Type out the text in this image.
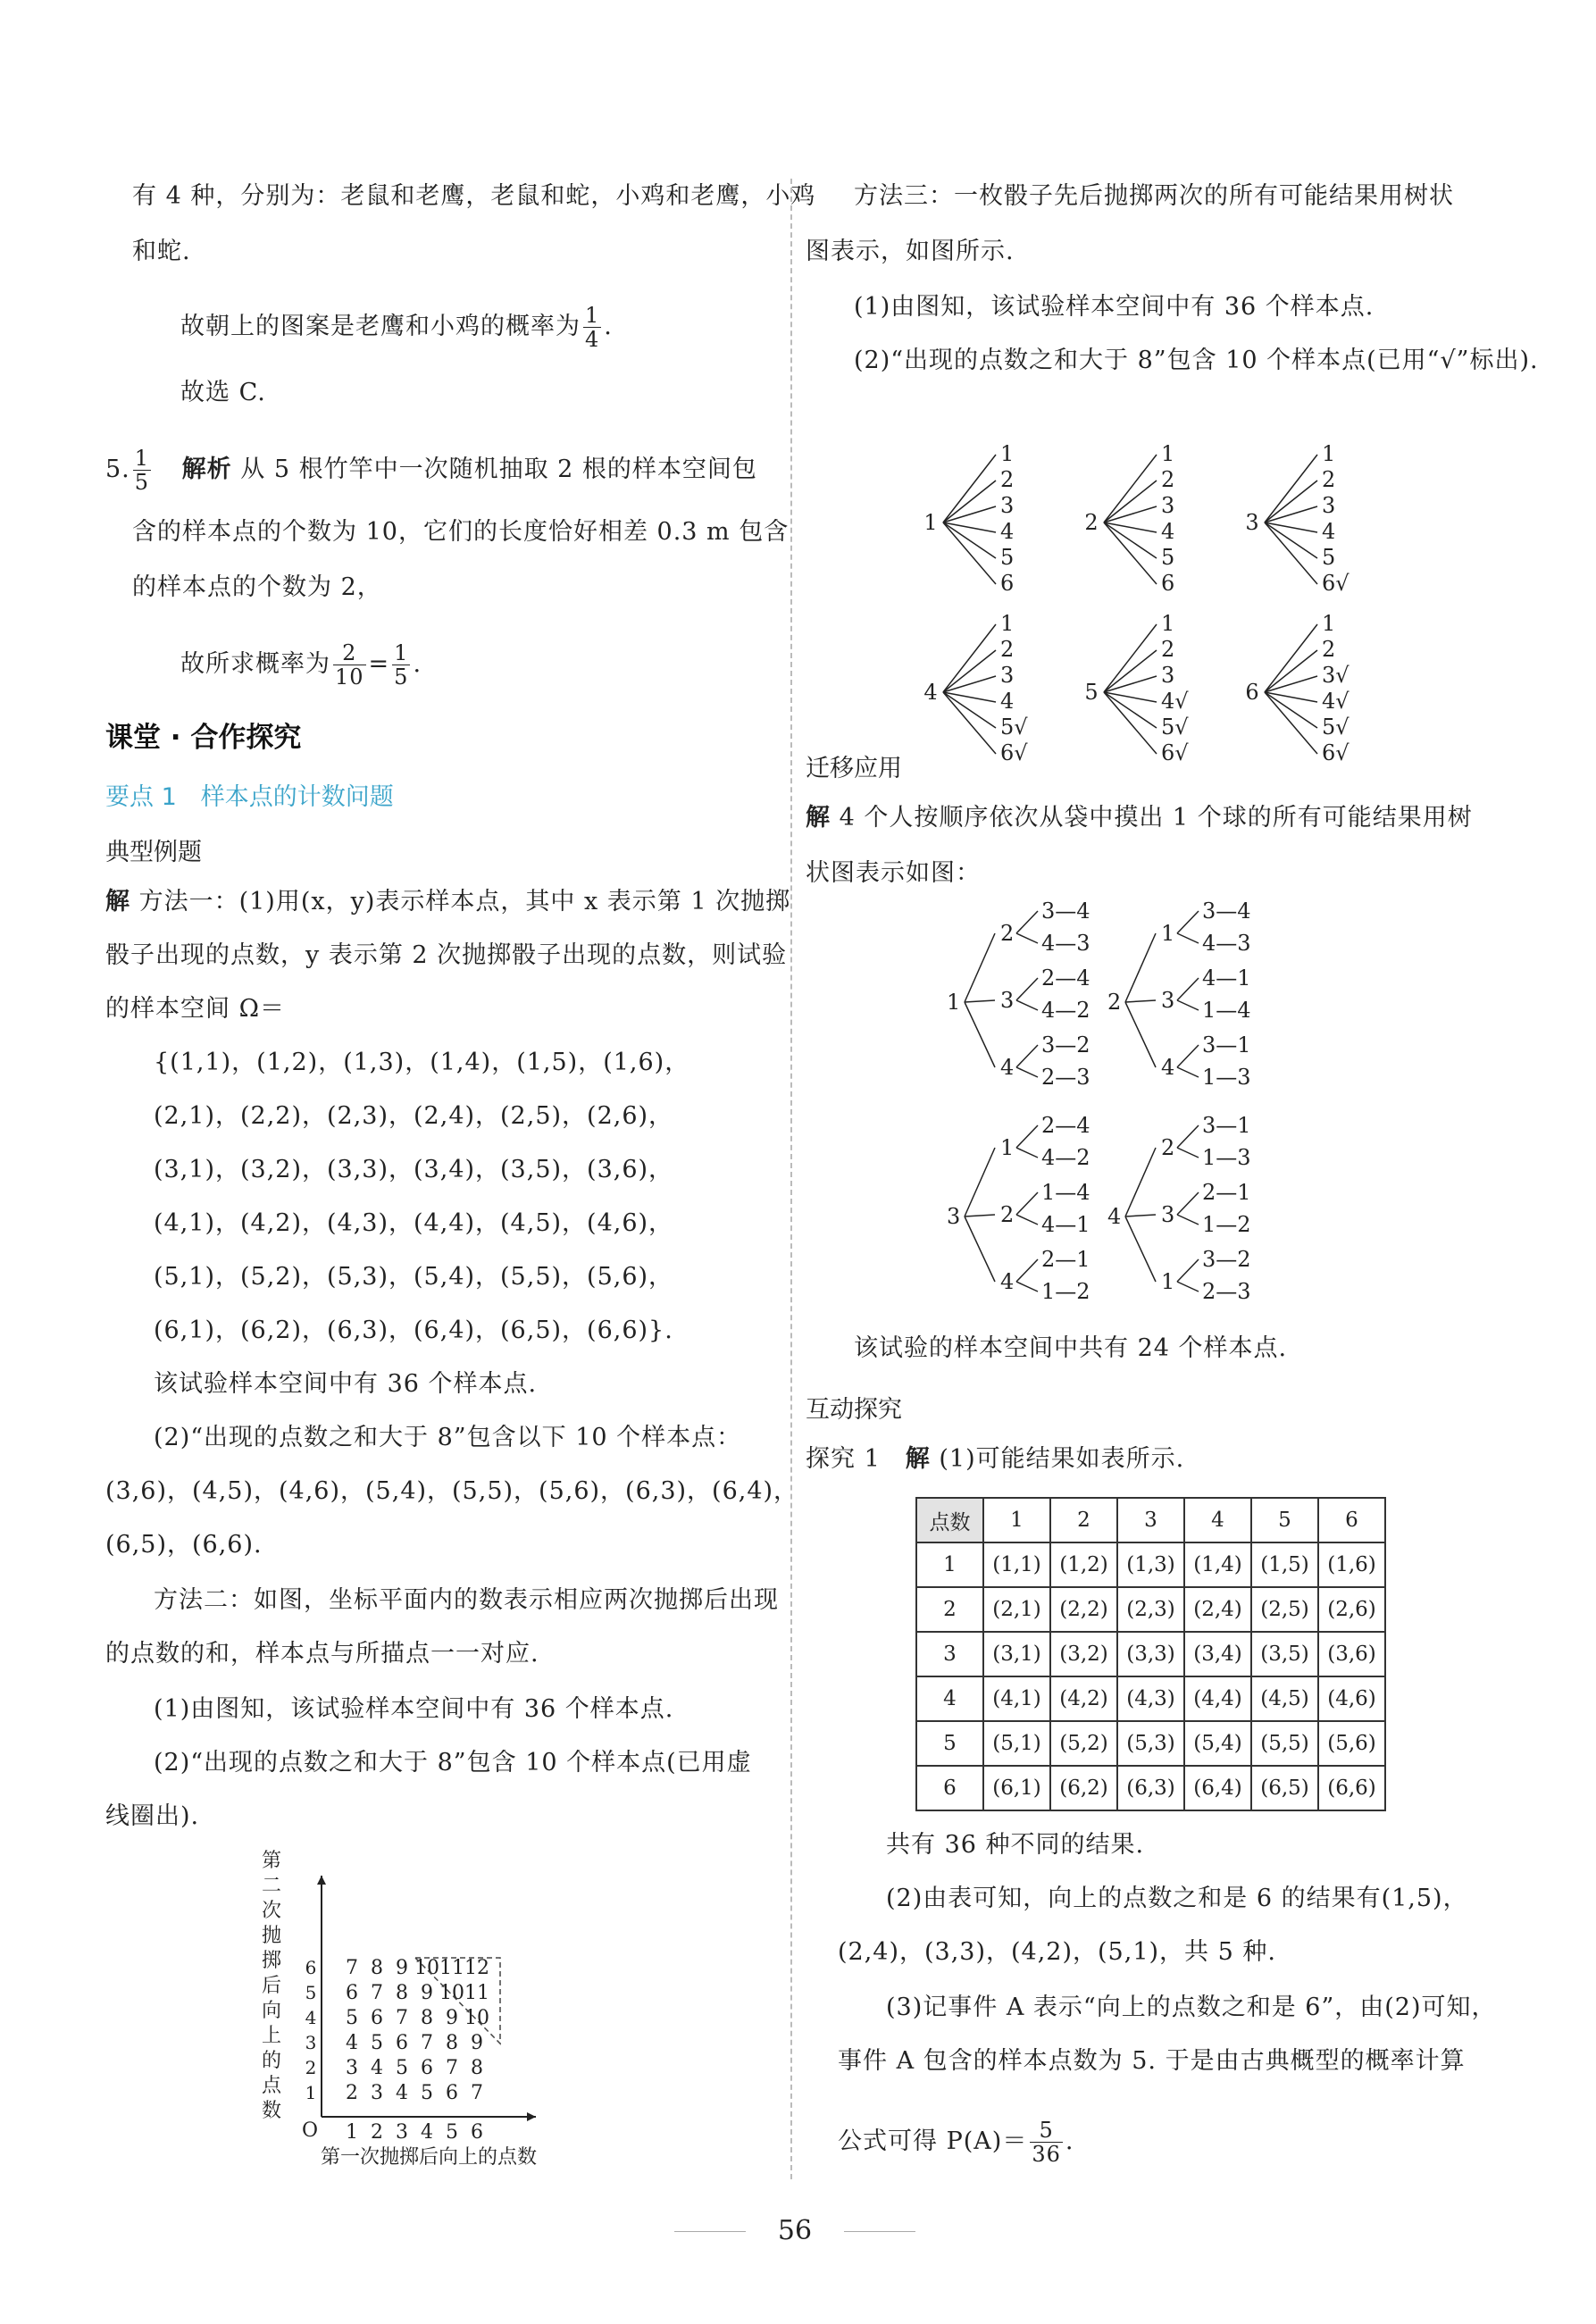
有 4 种，分别为：老鼠和老鹰，老鼠和蛇，小鸡和老鹰，小鸡
和蛇.
故朝上的图案是老鹰和小鸡的概率为 $\frac{1}{4}$ .
故选 C.
5. $\frac{1}{5}$ 解析 从 5 根竹竿中一次随机抽取 2 根的样本空间包
含的样本点的个数为 10，它们的长度恰好相差 0.3 m 包含
的样本点的个数为 2，
故所求概率为 $\frac{2}{10} = \frac{1}{5}$ .
课堂 · 合作探究
要点 1　样本点的计数问题
典型例题
解 方法一：(1)用(x，y)表示样本点，其中 x 表示第 1 次抛掷
骰子出现的点数，y 表示第 2 次抛掷骰子出现的点数，则试验
的样本空间 Ω＝
{(1,1)，(1,2)，(1,3)，(1,4)，(1,5)，(1,6)，
(2,1)，(2,2)，(2,3)，(2,4)，(2,5)，(2,6)，
(3,1)，(3,2)，(3,3)，(3,4)，(3,5)，(3,6)，
(4,1)，(4,2)，(4,3)，(4,4)，(4,5)，(4,6)，
(5,1)，(5,2)，(5,3)，(5,4)，(5,5)，(5,6)，
(6,1)，(6,2)，(6,3)，(6,4)，(6,5)，(6,6)}.
该试验样本空间中有 36 个样本点.
(2)“出现的点数之和大于 8”包含以下 10 个样本点：
(3,6)，(4,5)，(4,6)，(5,4)，(5,5)，(5,6)，(6,3)，(6,4)，
(6,5)，(6,6).
方法二：如图，坐标平面内的数表示相应两次抛掷后出现
的点数的和，样本点与所描点一一对应.
(1)由图知，该试验样本空间中有 36 个样本点.
(2)“出现的点数之和大于 8”包含 10 个样本点(已用虚
线圈出).
O 1
1
2
2
3
3
4
4
5
5
6
6
2 3 4 5 6 7
3 4 5 6 7 8
4 5 6 7 8 9
5 6 7 8 9 10
6 7 8 9 10 11
7 8 9 10 11 12
第
二
次
抛
掷
后
向
上
的
点
数
第一次抛掷后向上的点数
方法三：一枚骰子先后抛掷两次的所有可能结果用树状
图表示，如图所示.
(1)由图知，该试验样本空间中有 36 个样本点.
(2)“出现的点数之和大于 8”包含 10 个样本点(已用“√”标出).
迁移应用
解 4 个人按顺序依次从袋中摸出 1 个球的所有可能结果用树
状图表示如图：
该试验的样本空间中共有 24 个样本点.
互动探究
探究 1　 解 (1)可能结果如表所示.
共有 36 种不同的结果.
(2)由表可知，向上的点数之和是 6 的结果有(1,5)，
(2,4)，(3,3)，(4,2)，(5,1)，共 5 种.
(3)记事件 A 表示“向上的点数之和是 6”，由(2)可知，
事件 A 包含的样本点数为 5. 于是由古典概型的概率计算
公式可得 $P(A)= \frac{5}{36}$ .
1
1
2
3
4
5
6
2
1
2
3
4
5
6
3
1
2
3
4
5
6√
4
1
2
3
4
5√
6√
5
1
2
3
4√
5√
6√
6
1
2
3√
4√
5√
6√
1
2
3—4
4—3
3
2—4
4—2
4
3—2
2—3
2
1
3—4
4—3
3
4—1
1—4
4
3—1
1—3
3
1
2—4
4—2
2
1—4
4—1
4
2—1
1—2
4
2
3—1
1—3
3
2—1
1—2
1
3—2
2—3
点数	1	2	3	4	5	6
1	(1,1)	(1,2)	(1,3)	(1,4)	(1,5)	(1,6)
2	(2,1)	(2,2)	(2,3)	(2,4)	(2,5)	(2,6)
3	(3,1)	(3,2)	(3,3)	(3,4)	(3,5)	(3,6)
4	(4,1)	(4,2)	(4,3)	(4,4)	(4,5)	(4,6)
5	(5,1)	(5,2)	(5,3)	(5,4)	(5,5)	(5,6)
6	(6,1)	(6,2)	(6,3)	(6,4)	(6,5)	(6,6)
56
